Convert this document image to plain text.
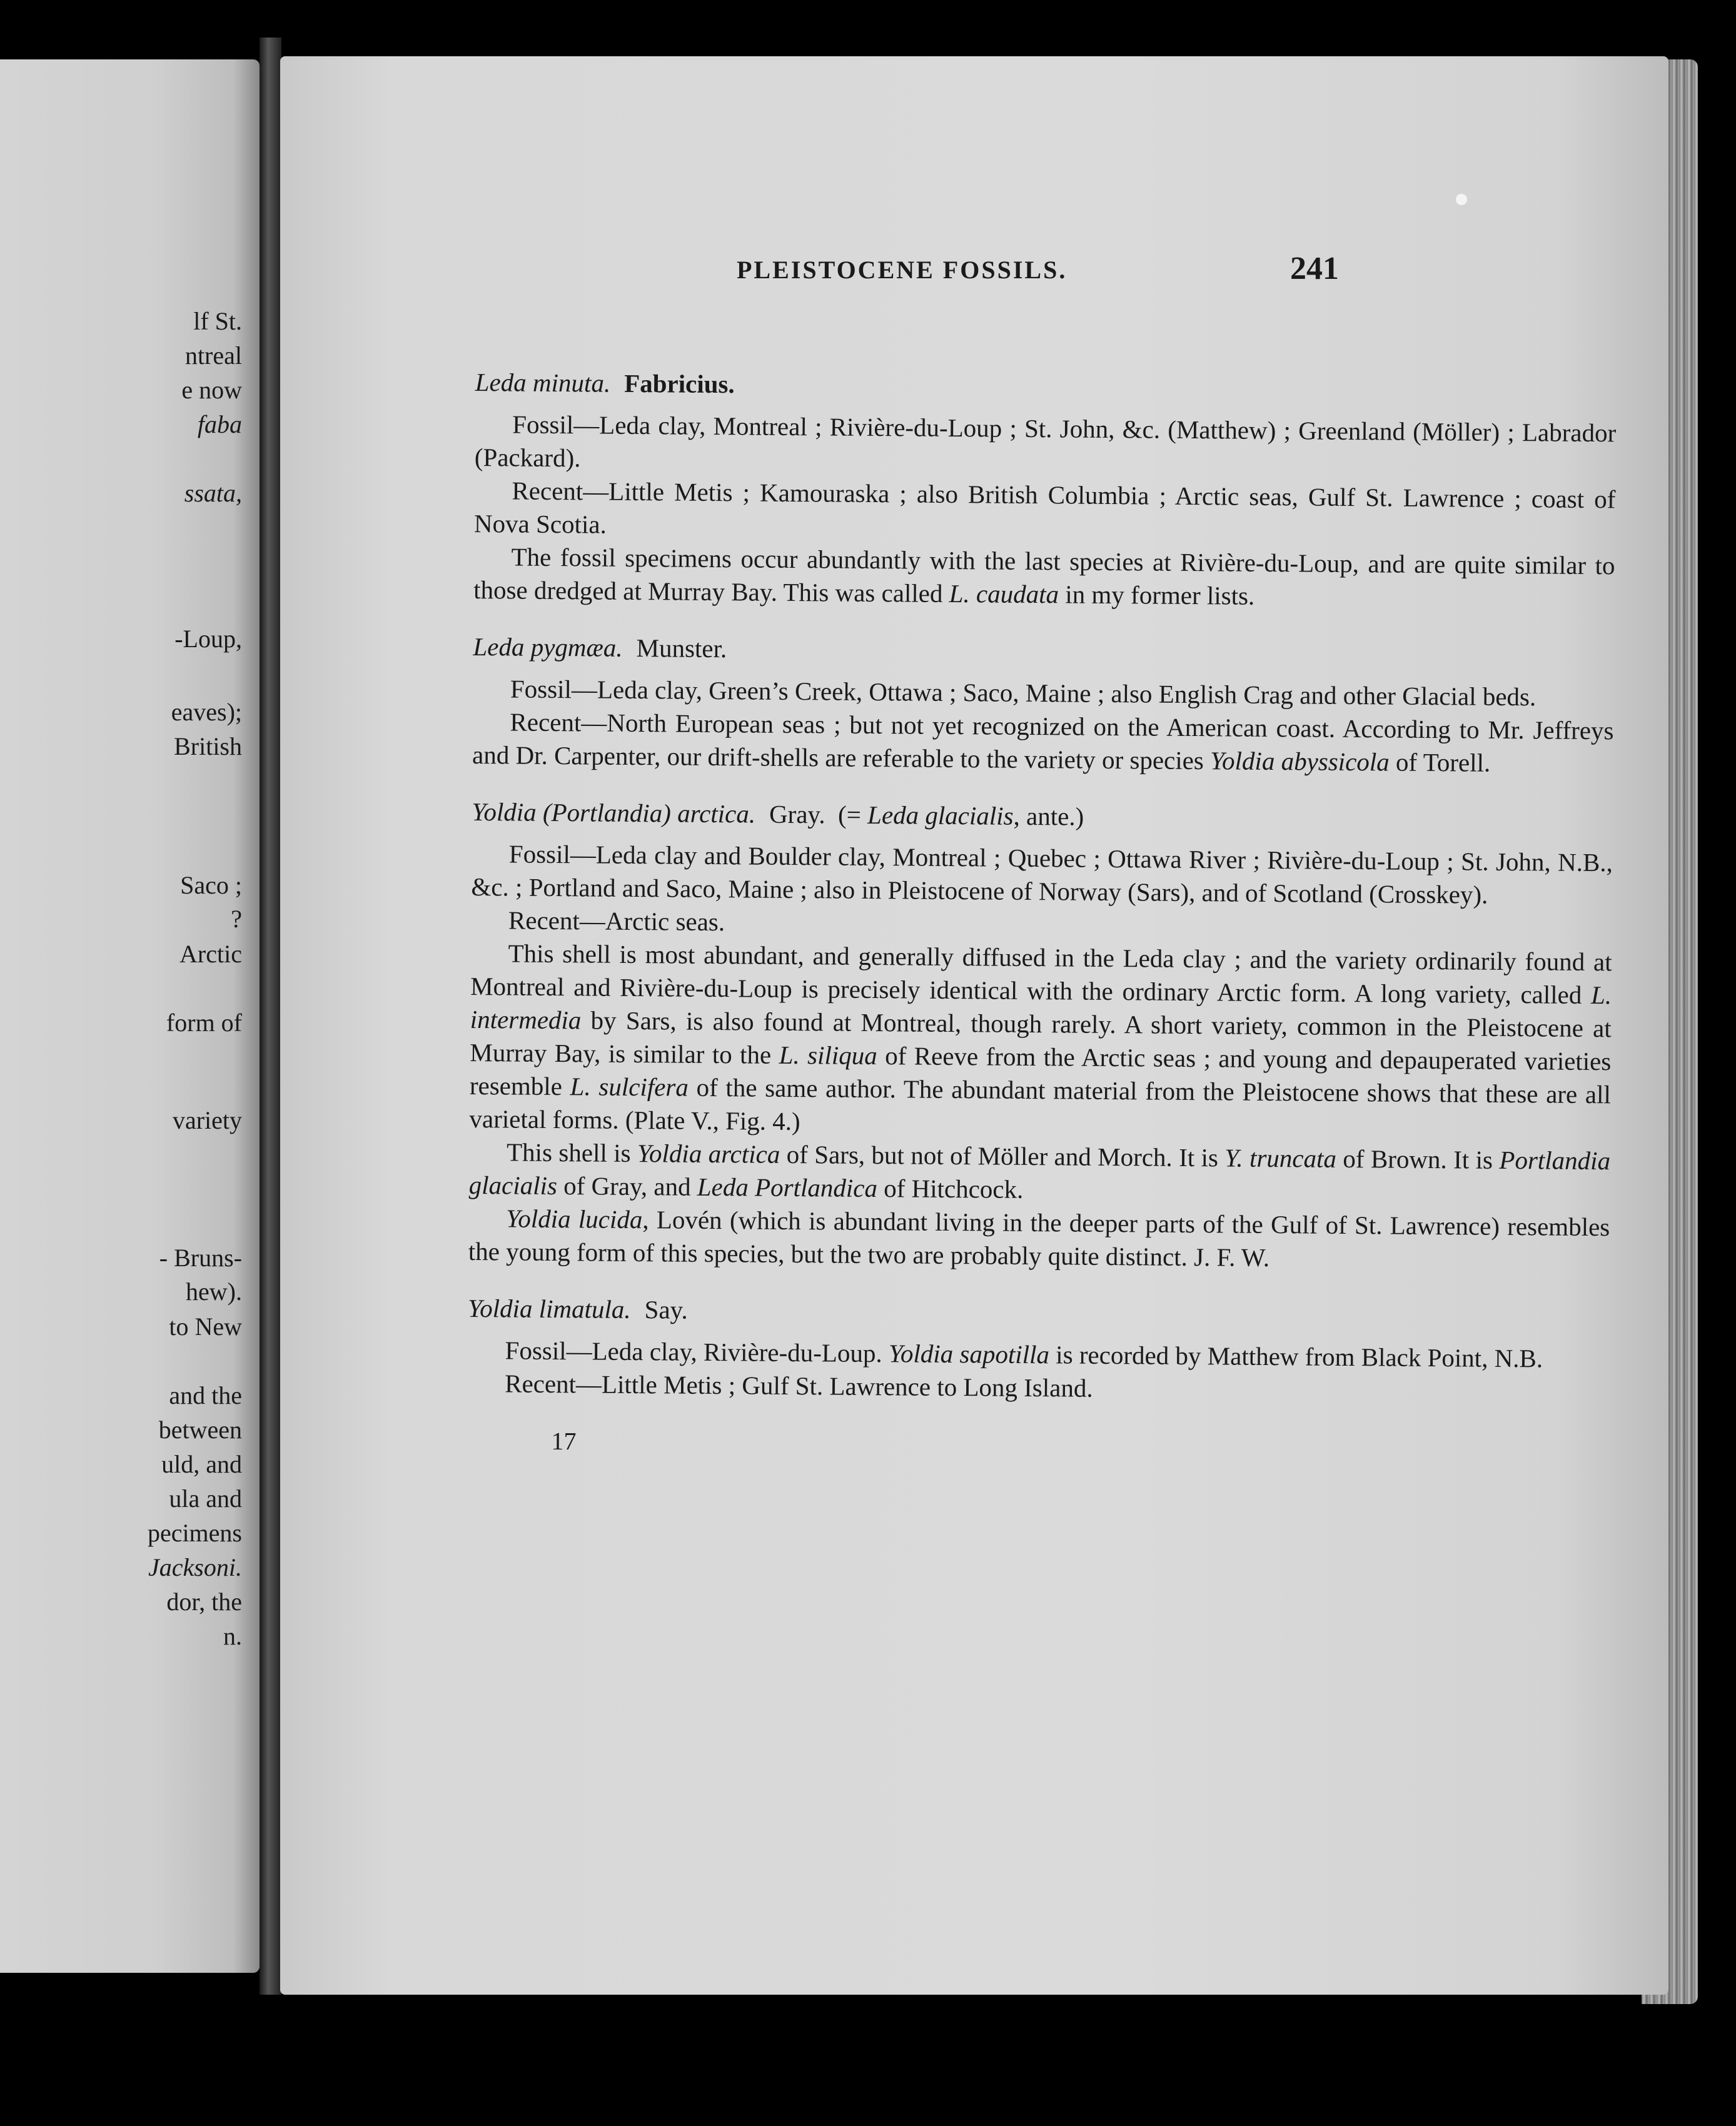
lf St.
ntreal
e now
faba
ssata,
-Loup,
eaves);
British
Saco ;
?
Arctic
form of
variety
- Bruns-
hew).
to New
and the
between
uld, and
ula and
pecimens
Jacksoni.
dor, the
n.
PLEISTOCENE FOSSILS.	241
Leda minuta. Fabricius.

Fossil—Leda clay, Montreal ; Rivière-du-Loup ; St. John, &c. (Matthew) ; Greenland (Möller) ; Labrador (Packard).

Recent—Little Metis ; Kamouraska ; also British Columbia ; Arctic seas, Gulf St. Lawrence ; coast of Nova Scotia.

The fossil specimens occur abundantly with the last species at Rivière-du-Loup, and are quite similar to those dredged at Murray Bay. This was called L. caudata in my former lists.

Leda pygmæa. Munster.

Fossil—Leda clay, Green’s Creek, Ottawa ; Saco, Maine ; also English Crag and other Glacial beds.

Recent—North European seas ; but not yet recognized on the American coast. According to Mr. Jeffreys and Dr. Carpenter, our drift-shells are referable to the variety or species Yoldia abyssicola of Torell.

Yoldia (Portlandia) arctica. Gray.  (= Leda glacialis, ante.)

Fossil—Leda clay and Boulder clay, Montreal ; Quebec ; Ottawa River ; Rivière-du-Loup ; St. John, N.B., &c. ; Portland and Saco, Maine ; also in Pleistocene of Norway (Sars), and of Scotland (Crosskey).

Recent—Arctic seas.

This shell is most abundant, and generally diffused in the Leda clay ; and the variety ordinarily found at Montreal and Rivière-du-Loup is precisely identical with the ordinary Arctic form. A long variety, called L. intermedia by Sars, is also found at Montreal, though rarely. A short variety, common in the Pleistocene at Murray Bay, is similar to the L. siliqua of Reeve from the Arctic seas ; and young and depauperated varieties resemble L. sulcifera of the same author. The abundant material from the Pleistocene shows that these are all varietal forms. (Plate V., Fig. 4.)

This shell is Yoldia arctica of Sars, but not of Möller and Morch. It is Y. truncata of Brown. It is Portlandia glacialis of Gray, and Leda Portlandica of Hitchcock.

Yoldia lucida, Lovén (which is abundant living in the deeper parts of the Gulf of St. Lawrence) resembles the young form of this species, but the two are probably quite distinct. J. F. W.

Yoldia limatula. Say.

Fossil—Leda clay, Rivière-du-Loup. Yoldia sapotilla is recorded by Matthew from Black Point, N.B.

Recent—Little Metis ; Gulf St. Lawrence to Long Island.

17
